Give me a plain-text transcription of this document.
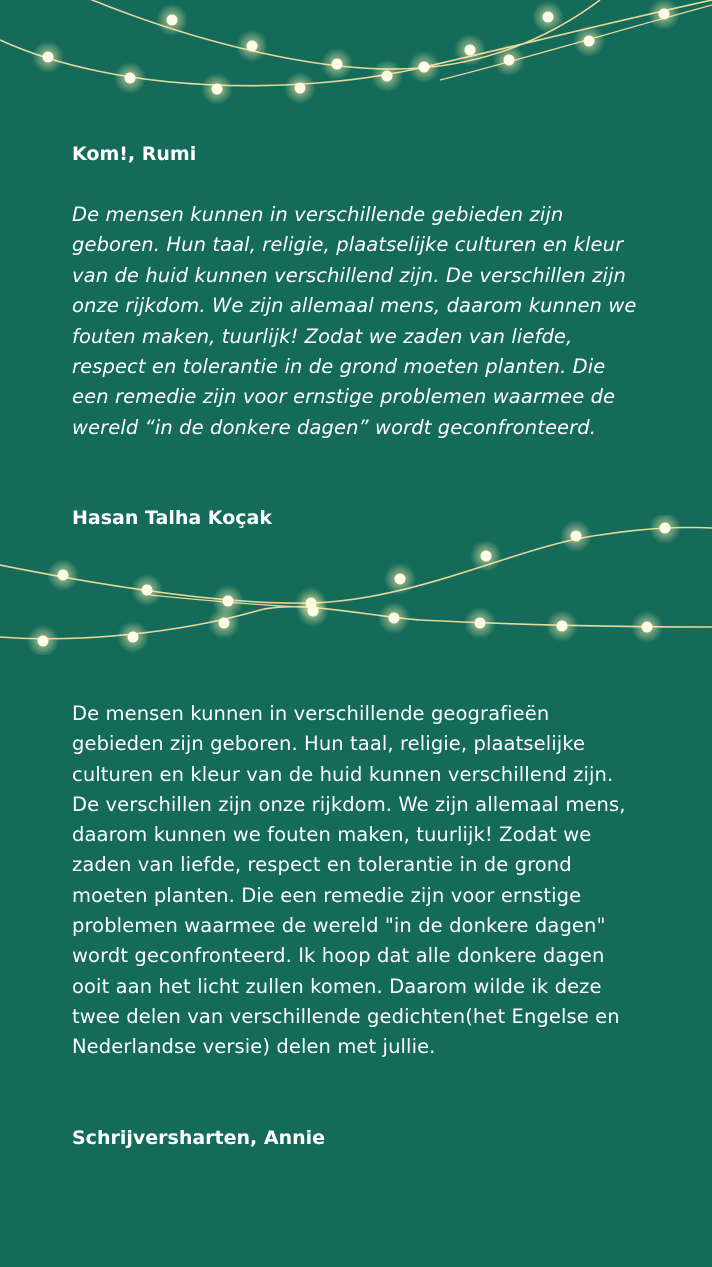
Kom!, Rumi

De mensen kunnen in verschillende gebieden zijn geboren. Hun taal, religie, plaatselijke culturen en kleur van de huid kunnen verschillend zijn. De verschillen zijn onze rijkdom. We zijn allemaal mens, daarom kunnen we fouten maken, tuurlijk! Zodat we zaden van liefde, respect en tolerantie in de grond moeten planten. Die een remedie zijn voor ernstige problemen waarmee de wereld “in de donkere dagen” wordt geconfronteerd.

Hasan Talha Koçak

De mensen kunnen in verschillende geografieën gebieden zijn geboren. Hun taal, religie, plaatselijke culturen en kleur van de huid kunnen verschillend zijn. De verschillen zijn onze rijkdom. We zijn allemaal mens, daarom kunnen we fouten maken, tuurlijk! Zodat we zaden van liefde, respect en tolerantie in de grond moeten planten. Die een remedie zijn voor ernstige problemen waarmee de wereld "in de donkere dagen" wordt geconfronteerd. Ik hoop dat alle donkere dagen ooit aan het licht zullen komen. Daarom wilde ik deze twee delen van verschillende gedichten(het Engelse en Nederlandse versie) delen met jullie.

Schrijversharten, Annie
